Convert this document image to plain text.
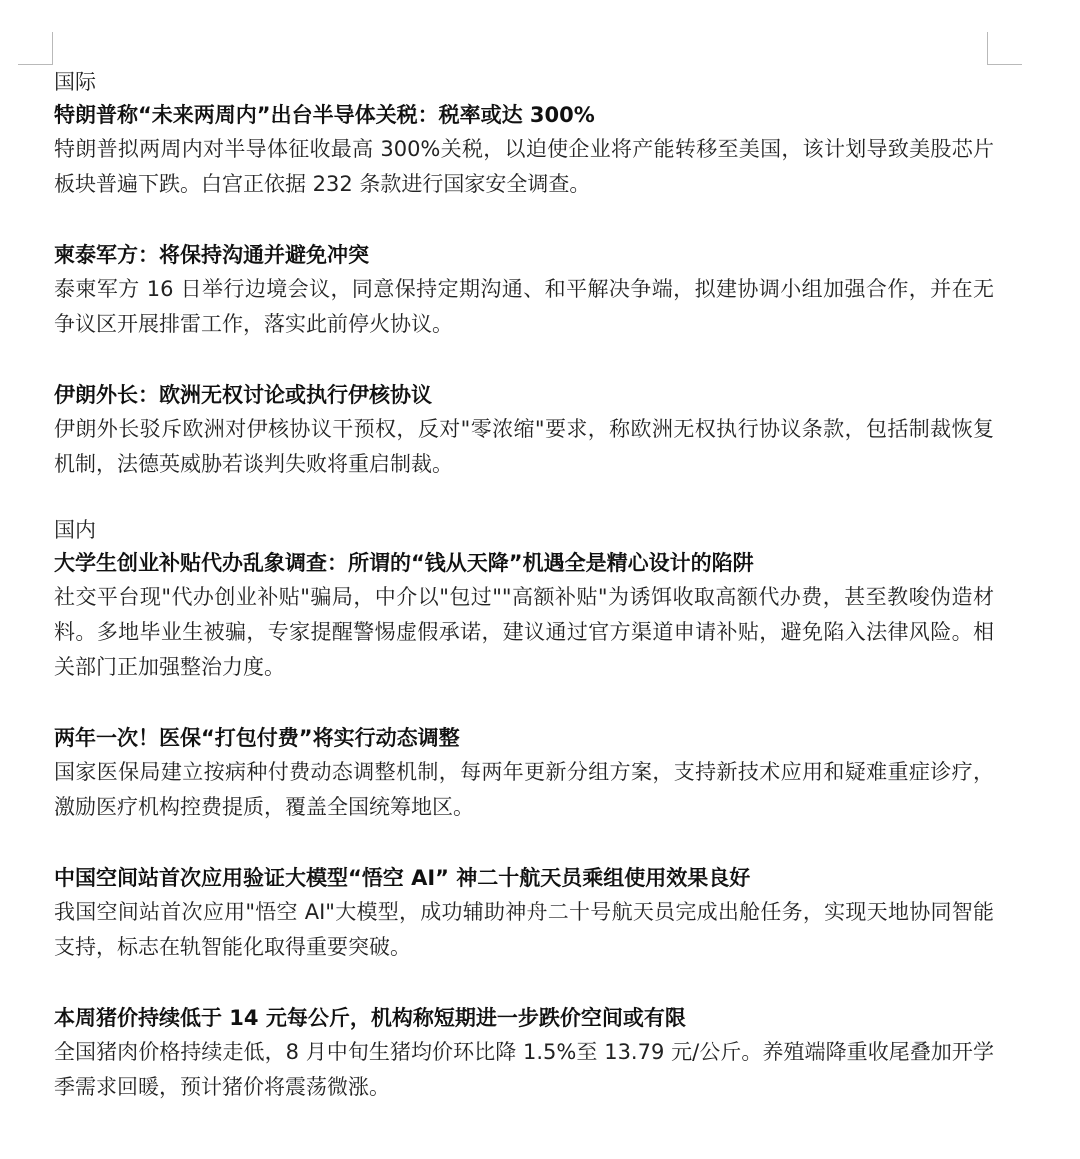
国际
特朗普称“未来两周内”出台半导体关税：税率或达 300%
特朗普拟两周内对半导体征收最高 300%关税，以迫使企业将产能转移至美国，该计划导致美股芯片板块普遍下跌。白宫正依据 232 条款进行国家安全调查。
柬泰军方：将保持沟通并避免冲突
泰柬军方 16 日举行边境会议，同意保持定期沟通、和平解决争端，拟建协调小组加强合作，并在无争议区开展排雷工作，落实此前停火协议。
伊朗外长：欧洲无权讨论或执行伊核协议
伊朗外长驳斥欧洲对伊核协议干预权，反对"零浓缩"要求，称欧洲无权执行协议条款，包括制裁恢复机制，法德英威胁若谈判失败将重启制裁。
国内
大学生创业补贴代办乱象调查：所谓的“钱从天降”机遇全是精心设计的陷阱
社交平台现"代办创业补贴"骗局，中介以"包过""高额补贴"为诱饵收取高额代办费，甚至教唆伪造材料。多地毕业生被骗，专家提醒警惕虚假承诺，建议通过官方渠道申请补贴，避免陷入法律风险。相关部门正加强整治力度。
两年一次！医保“打包付费”将实行动态调整
国家医保局建立按病种付费动态调整机制，每两年更新分组方案，支持新技术应用和疑难重症诊疗，激励医疗机构控费提质，覆盖全国统筹地区。
中国空间站首次应用验证大模型“悟空 AI” 神二十航天员乘组使用效果良好
我国空间站首次应用"悟空 AI"大模型，成功辅助神舟二十号航天员完成出舱任务，实现天地协同智能支持，标志在轨智能化取得重要突破。
本周猪价持续低于 14 元每公斤，机构称短期进一步跌价空间或有限
全国猪肉价格持续走低，8 月中旬生猪均价环比降 1.5%至 13.79 元/公斤。养殖端降重收尾叠加开学季需求回暖，预计猪价将震荡微涨。
